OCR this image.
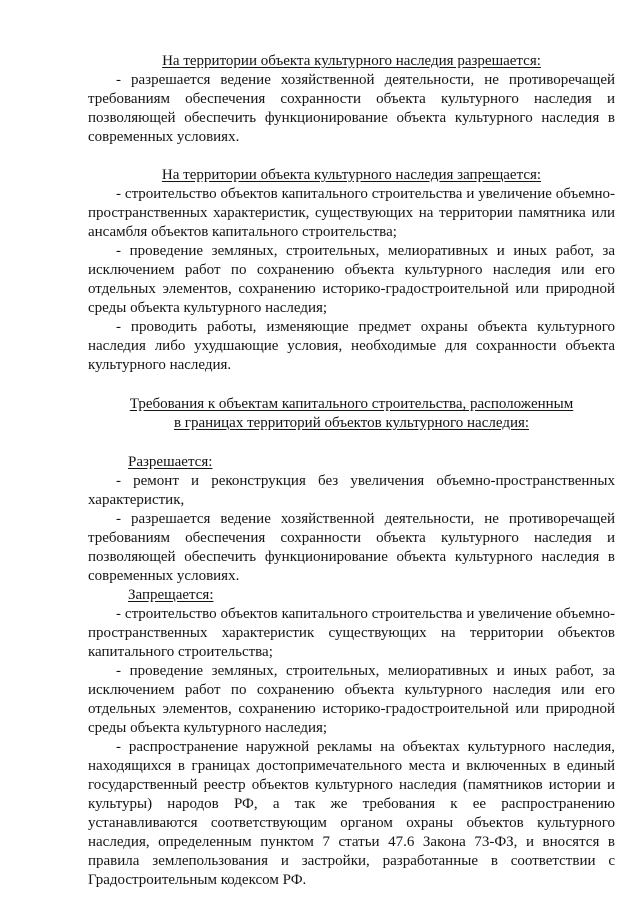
На территории объекта культурного наследия разрешается:

- разрешается ведение хозяйственной деятельности, не противоречащей требованиям обеспечения сохранности объекта культурного наследия и позволяющей обеспечить функционирование объекта культурного наследия в современных условиях.

На территории объекта культурного наследия запрещается:

- строительство объектов капитального строительства и увеличение объемно-пространственных характеристик, существующих на территории памятника или ансамбля объектов капитального строительства;

- проведение земляных, строительных, мелиоративных и иных работ, за исключением работ по сохранению объекта культурного наследия или его отдельных элементов, сохранению историко-градостроительной или природной среды объекта культурного наследия;

- проводить работы, изменяющие предмет охраны объекта культурного наследия либо ухудшающие условия, необходимые для сохранности объекта культурного наследия.

Требования к объектам капитального строительства, расположенным

в границах территорий объектов культурного наследия:

Разрешается:

- ремонт и реконструкция без увеличения объемно-пространственных характеристик,

- разрешается ведение хозяйственной деятельности, не противоречащей требованиям обеспечения сохранности объекта культурного наследия и позволяющей обеспечить функционирование объекта культурного наследия в современных условиях.

Запрещается:

- строительство объектов капитального строительства и увеличение объемно-пространственных характеристик существующих на территории объектов капитального строительства;

- проведение земляных, строительных, мелиоративных и иных работ, за исключением работ по сохранению объекта культурного наследия или его отдельных элементов, сохранению историко-градостроительной или природной среды объекта культурного наследия;

- распространение наружной рекламы на объектах культурного наследия, находящихся в границах достопримечательного места и включенных в единый государственный реестр объектов культурного наследия (памятников истории и культуры) народов РФ, а так же требования к ее распространению устанавливаются соответствующим органом охраны объектов культурного наследия, определенным пунктом 7 статьи 47.6 Закона 73-ФЗ, и вносятся в правила землепользования и застройки, разработанные в соответствии с Градостроительным кодексом РФ.
